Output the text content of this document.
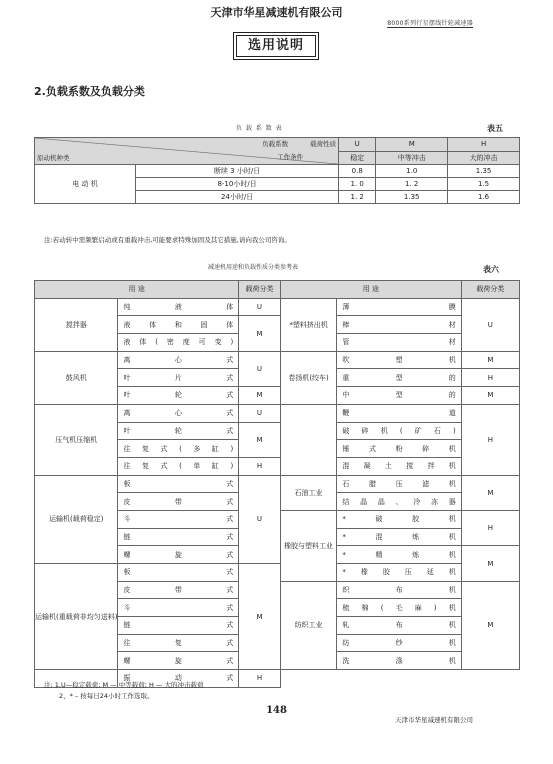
天津市华星减速机有限公司
8000系列行星摆线针轮减速器
选用说明
2.负载系数及负载分类
负 载 系 数 表	表五
负载系数 载荷性质
工作条件
原动机种类		U	M	H
		稳定	中等冲击	大的冲击
电 动 机	断续 3 小时/日	0.8	1.0	1.35
	8-10小时/日	1. 0	1. 2	1.5
	24小时/日	1. 2	1.35	1.6
注:若动转中需频繁启动或有重载冲击,可能要求特殊加固及其它措施,请向我公司咨询。
减速机用途和负载性质分类参考表	表六
用 途		载荷分类	用 途		载荷分类
搅拌器	纯液体	U	*塑料挤出机	薄膜	U
	液体和固体	M		棒材	
	液体(密度可变)			管材	
鼓风机	离心式	U	卷扬机(绞车)	吹塑机	M
	叶片式			重型的	H
	叶轮式	M		中型的	M
压气机压缩机	离心式	U		鞭道	H
	叶轮式	M		破碎机(矿石)	
	往复式(多缸)			锤式粉碎机	
	往复式(单缸)	H		混凝土搅拌机	
运输机(载荷稳定)	板式	U	石油工业	石腊压滤机	M
	皮带式			结晶晶、冷冻器	
	斗式		橡胶与塑料工业	*破胶机	H
	链式			*混炼机	
	螺旋式			*精炼机	M
运输机(重载荷非均匀送料)	板式	M		*橡胶压延机	
	皮带式		纺织工业	织布机	M
	斗式			梳棉(毛麻)机	
	链式			轧布机	
	往复式			纺纱机	
	螺旋式			洗涤机	
	振动式	H			
注: 1.U—稳定载荷; M — 中等载荷; H — 大的冲击载荷
2、* – 按每日24小时工作选取。
148
天津市华星减速机有限公司
